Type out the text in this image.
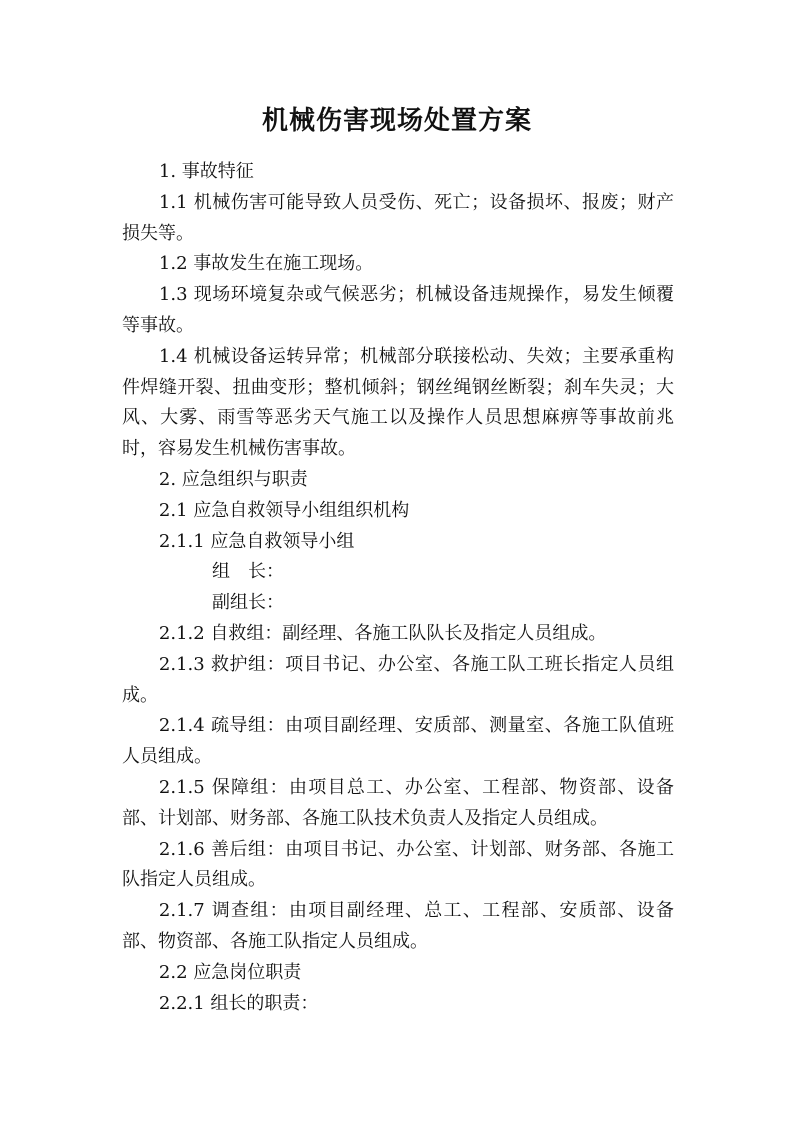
机械伤害现场处置方案

1. 事故特征

1.1 机械伤害可能导致人员受伤、死亡；设备损坏、报废；财产损失等。

1.2 事故发生在施工现场。

1.3 现场环境复杂或气候恶劣；机械设备违规操作，易发生倾覆等事故。

1.4 机械设备运转异常；机械部分联接松动、失效；主要承重构件焊缝开裂、扭曲变形；整机倾斜；钢丝绳钢丝断裂；刹车失灵；大风、大雾、雨雪等恶劣天气施工以及操作人员思想麻痹等事故前兆时，容易发生机械伤害事故。

2. 应急组织与职责

2.1 应急自救领导小组组织机构

2.1.1 应急自救领导小组

组　长：

副组长：

2.1.2 自救组：副经理、各施工队队长及指定人员组成。

2.1.3 救护组：项目书记、办公室、各施工队工班长指定人员组成。

2.1.4 疏导组：由项目副经理、安质部、测量室、各施工队值班人员组成。

2.1.5 保障组：由项目总工、办公室、工程部、物资部、设备部、计划部、财务部、各施工队技术负责人及指定人员组成。

2.1.6 善后组：由项目书记、办公室、计划部、财务部、各施工队指定人员组成。

2.1.7 调查组：由项目副经理、总工、工程部、安质部、设备部、物资部、各施工队指定人员组成。

2.2 应急岗位职责

2.2.1 组长的职责：
